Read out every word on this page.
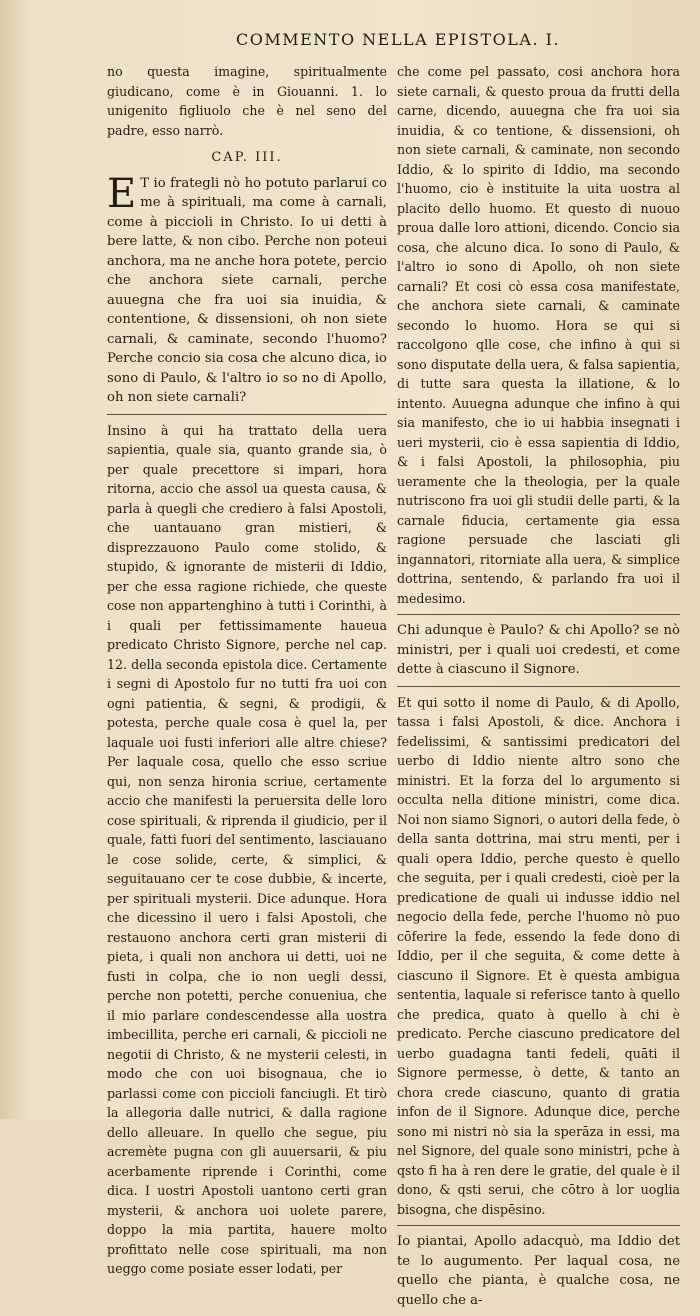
COMMENTO NELLA EPISTOLA. I.

no questa imagine, spiritualmente giudicano, come è in Giouanni. 1. lo unigenito figliuolo che è nel seno del padre, esso narrò.

CAP. III.

E T io frategli nò ho potuto parlarui co me à spirituali, ma come à carnali, come à piccioli in Christo. Io ui detti à bere latte, & non cibo. Perche non poteui anchora, ma ne anche hora potete, percio che anchora siete carnali, perche auuegna che fra uoi sia inuidia, & contentione, & dissensioni, oh non siete carnali, & caminate, secondo l'huomo? Perche concio sia cosa che alcuno dica, io sono di Paulo, & l'altro io so no di Apollo, oh non siete carnali?

Insino à qui ha trattato della uera sapientia, quale sia, quanto grande sia, ò per quale precettore si impari, hora ritorna, accio che assol ua questa causa, & parla à quegli che crediero à falsi Apostoli, che uantauano gran mistieri, & disprezzauono Paulo come stolido, & stupido, & ignorante de misterii di Iddio, per che essa ragione richiede, che queste cose non appartenghino à tutti i Corinthi, à i quali per fettissimamente haueua predicato Christo Signore, perche nel cap. 12. della seconda epistola dice. Certamente i segni di Apostolo fur no tutti fra uoi con ogni patientia, & segni, & prodigii, & potesta, perche quale cosa è quel la, per laquale uoi fusti inferiori alle altre chiese? Per laquale cosa, quello che esso scriue qui, non senza hironia scriue, certamente accio che manifesti la peruersita delle loro cose spirituali, & riprenda il giudicio, per il quale, fatti fuori del sentimento, lasciauano le cose solide, certe, & simplici, & seguitauano cer te cose dubbie, & incerte, per spirituali mysterii. Dice adunque. Hora che dicessino il uero i falsi Apostoli, che restauono anchora certi gran misterii di pieta, i quali non anchora ui detti, uoi ne fusti in colpa, che io non uegli dessi, perche non potetti, perche conueniua, che il mio parlare condescendesse alla uostra imbecillita, perche eri carnali, & piccioli ne negotii di Christo, & ne mysterii celesti, in modo che con uoi bisognaua, che io parlassi come con piccioli fanciugli. Et tirò la allegoria dalle nutrici, & dalla ragione dello alleuare. In quello che segue, piu acremète pugna con gli auuersarii, & piu acerbamente riprende i Corinthi, come dica. I uostri Apostoli uantono certi gran mysterii, & anchora uoi uolete parere, doppo la mia partita, hauere molto profittato nelle cose spirituali, ma non ueggo come posiate esser lodati, per

che come pel passato, cosi anchora hora siete carnali, & questo proua da frutti della carne, dicendo, auuegna che fra uoi sia inuidia, & co tentione, & dissensioni, oh non siete carnali, & caminate, non secondo Iddio, & lo spirito di Iddio, ma secondo l'huomo, cio è instituite la uita uostra al placito dello huomo. Et questo di nuouo proua dalle loro attioni, dicendo. Concio sia cosa, che alcuno dica. Io sono di Paulo, & l'altro io sono di Apollo, oh non siete carnali? Et cosi cò essa cosa manifestate, che anchora siete carnali, & caminate secondo lo huomo. Hora se qui si raccolgono qlle cose, che infino à qui si sono disputate della uera, & falsa sapientia, di tutte sara questa la illatione, & lo intento. Auuegna adunque che infino à qui sia manifesto, che io ui habbia insegnati i ueri mysterii, cio è essa sapientia di Iddio, & i falsi Apostoli, la philosophia, piu ueramente che la theologia, per la quale nutriscono fra uoi gli studii delle parti, & la carnale fiducia, certamente gia essa ragione persuade che lasciati gli ingannatori, ritorniate alla uera, & simplice dottrina, sentendo, & parlando fra uoi il medesimo.

Chi adunque è Paulo? & chi Apollo? se nò ministri, per i quali uoi credesti, et come dette à ciascuno il Signore.

Et qui sotto il nome di Paulo, & di Apollo, tassa i falsi Apostoli, & dice. Anchora i fedelissimi, & santissimi predicatori del uerbo di Iddio niente altro sono che ministri. Et la forza del lo argumento si occulta nella ditione ministri, come dica. Noi non siamo Signori, o autori della fede, ò della santa dottrina, mai stru menti, per i quali opera Iddio, perche questo è quello che seguita, per i quali credesti, cioè per la predicatione de quali ui indusse iddio nel negocio della fede, perche l'huomo nò puo cōferire la fede, essendo la fede dono di Iddio, per il che seguita, & come dette à ciascuno il Signore. Et è questa ambigua sententia, laquale si referisce tanto à quello che predica, quato à quello à chi è predicato. Perche ciascuno predicatore del uerbo guadagna tanti fedeli, quāti il Signore permesse, ò dette, & tanto an chora crede ciascuno, quanto di gratia infon de il Signore. Adunque dice, perche sono mi nistri nò sia la sperāza in essi, ma nel Signore, del quale sono ministri, pche à qsto fi ha à ren dere le gratie, del quale è il dono, & qsti serui, che cōtro à lor uoglia bisogna, che dispēsino.

Io piantai, Apollo adacquò, ma Iddio det te lo augumento. Per laqual cosa, ne quello che pianta, è qualche cosa, ne quello che a-
